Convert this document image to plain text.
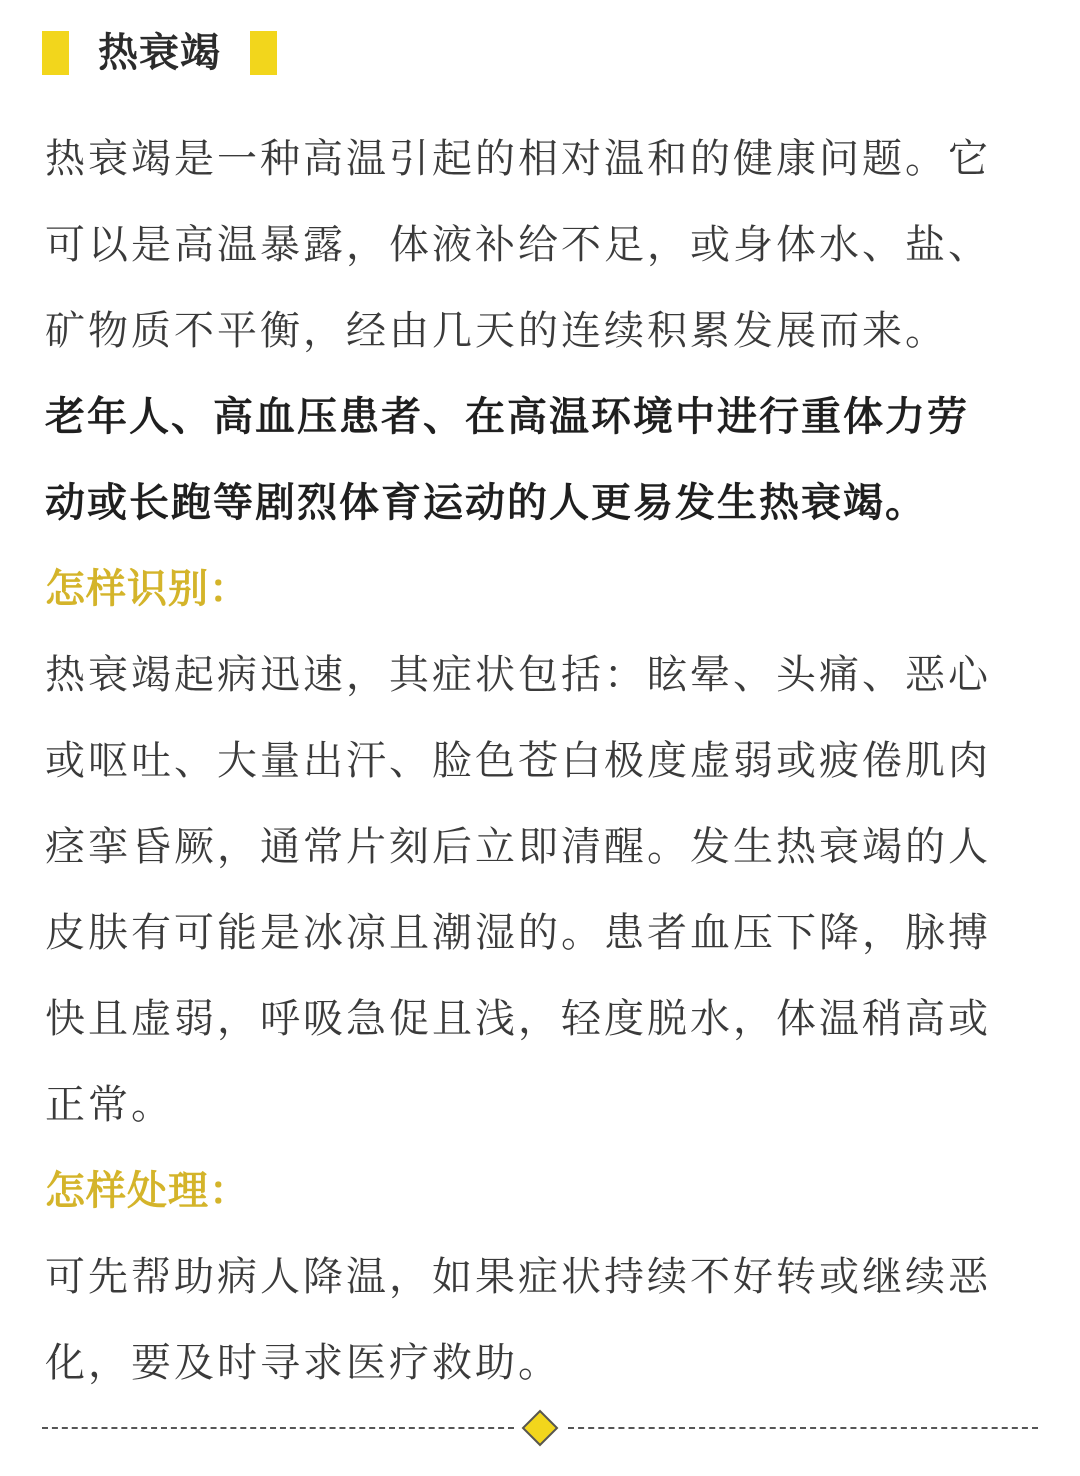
热衰竭

热衰竭是一种高温引起的相对温和的健康问题。它

可以是高温暴露，体液补给不足，或身体水、盐、

矿物质不平衡，经由几天的连续积累发展而来。

老年人、高血压患者、在高温环境中进行重体力劳

动或长跑等剧烈体育运动的人更易发生热衰竭。

怎样识别：

热衰竭起病迅速，其症状包括：眩晕、头痛、恶心

或呕吐、大量出汗、脸色苍白极度虚弱或疲倦肌肉

痉挛昏厥，通常片刻后立即清醒。发生热衰竭的人

皮肤有可能是冰凉且潮湿的。患者血压下降，脉搏

快且虚弱，呼吸急促且浅，轻度脱水，体温稍高或

正常。

怎样处理：

可先帮助病人降温，如果症状持续不好转或继续恶

化，要及时寻求医疗救助。
